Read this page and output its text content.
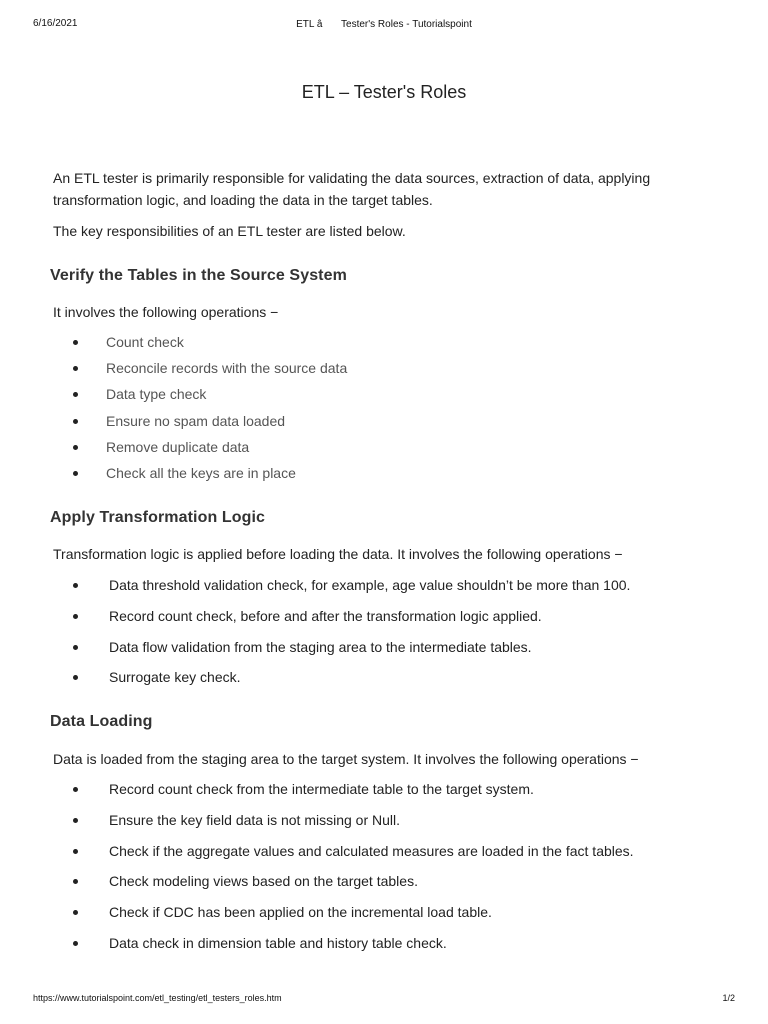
6/16/2021	ETL â Tester's Roles - Tutorialspoint
ETL – Tester's Roles

An ETL tester is primarily responsible for validating the data sources, extraction of data, applying transformation logic, and loading the data in the target tables.

The key responsibilities of an ETL tester are listed below.

Verify the Tables in the Source System

It involves the following operations −

Count check
Reconcile records with the source data
Data type check
Ensure no spam data loaded
Remove duplicate data
Check all the keys are in place
Apply Transformation Logic

Transformation logic is applied before loading the data. It involves the following operations −

Data threshold validation check, for example, age value shouldn’t be more than 100.
Record count check, before and after the transformation logic applied.
Data flow validation from the staging area to the intermediate tables.
Surrogate key check.
Data Loading

Data is loaded from the staging area to the target system. It involves the following operations −

Record count check from the intermediate table to the target system.
Ensure the key field data is not missing or Null.
Check if the aggregate values and calculated measures are loaded in the fact tables.
Check modeling views based on the target tables.
Check if CDC has been applied on the incremental load table.
Data check in dimension table and history table check.
https://www.tutorialspoint.com/etl_testing/etl_testers_roles.htm	1/2
